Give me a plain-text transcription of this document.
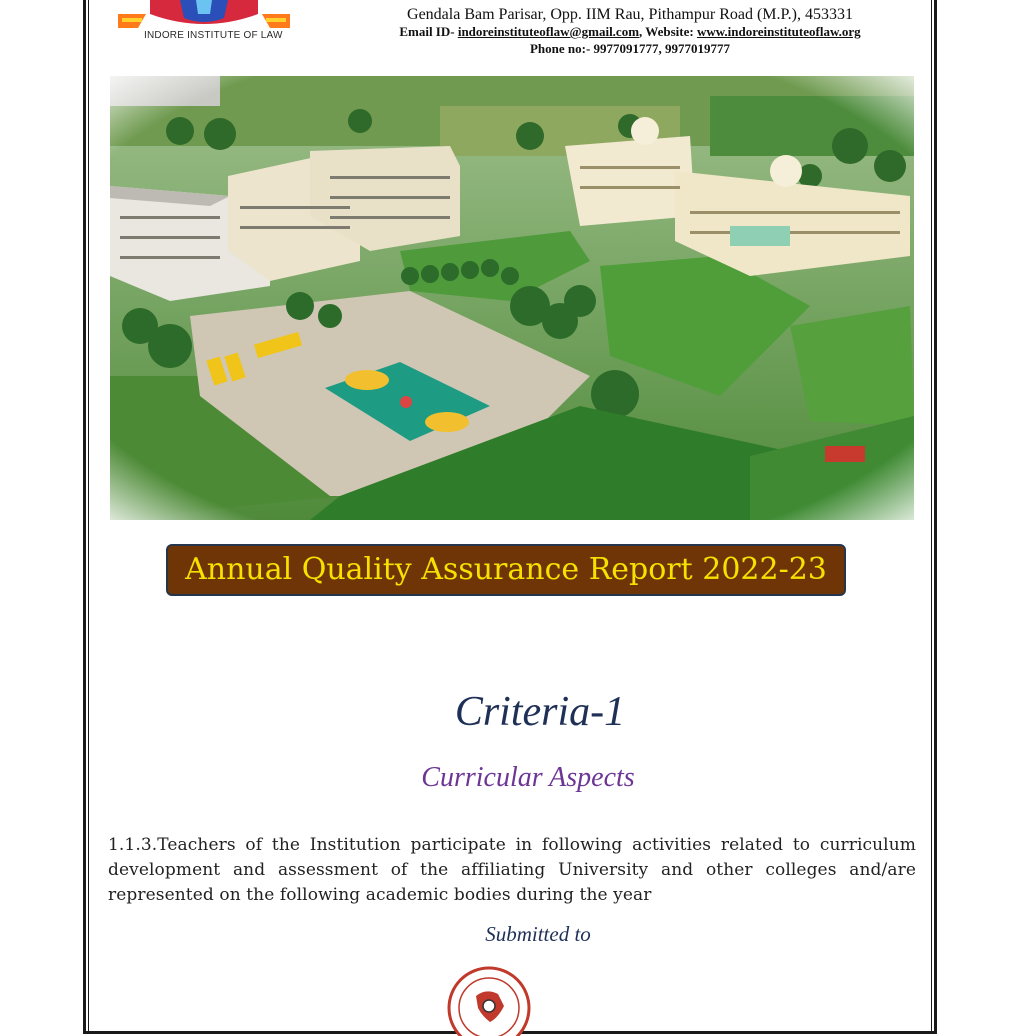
INDORE INSTITUTE OF LAW
Gendala Bam Parisar, Opp. IIM Rau, Pithampur Road (M.P.), 453331
Email ID- indoreinstituteoflaw@gmail.com, Website: www.indoreinstituteoflaw.org
Phone no:- 9977091777, 9977019777
Annual Quality Assurance Report 2022-23
Criteria-1
Curricular Aspects
1.1.3.Teachers of the Institution participate in following activities related to curriculum development and assessment of the affiliating University and other colleges and/are represented on the following academic bodies during the year
Submitted to
